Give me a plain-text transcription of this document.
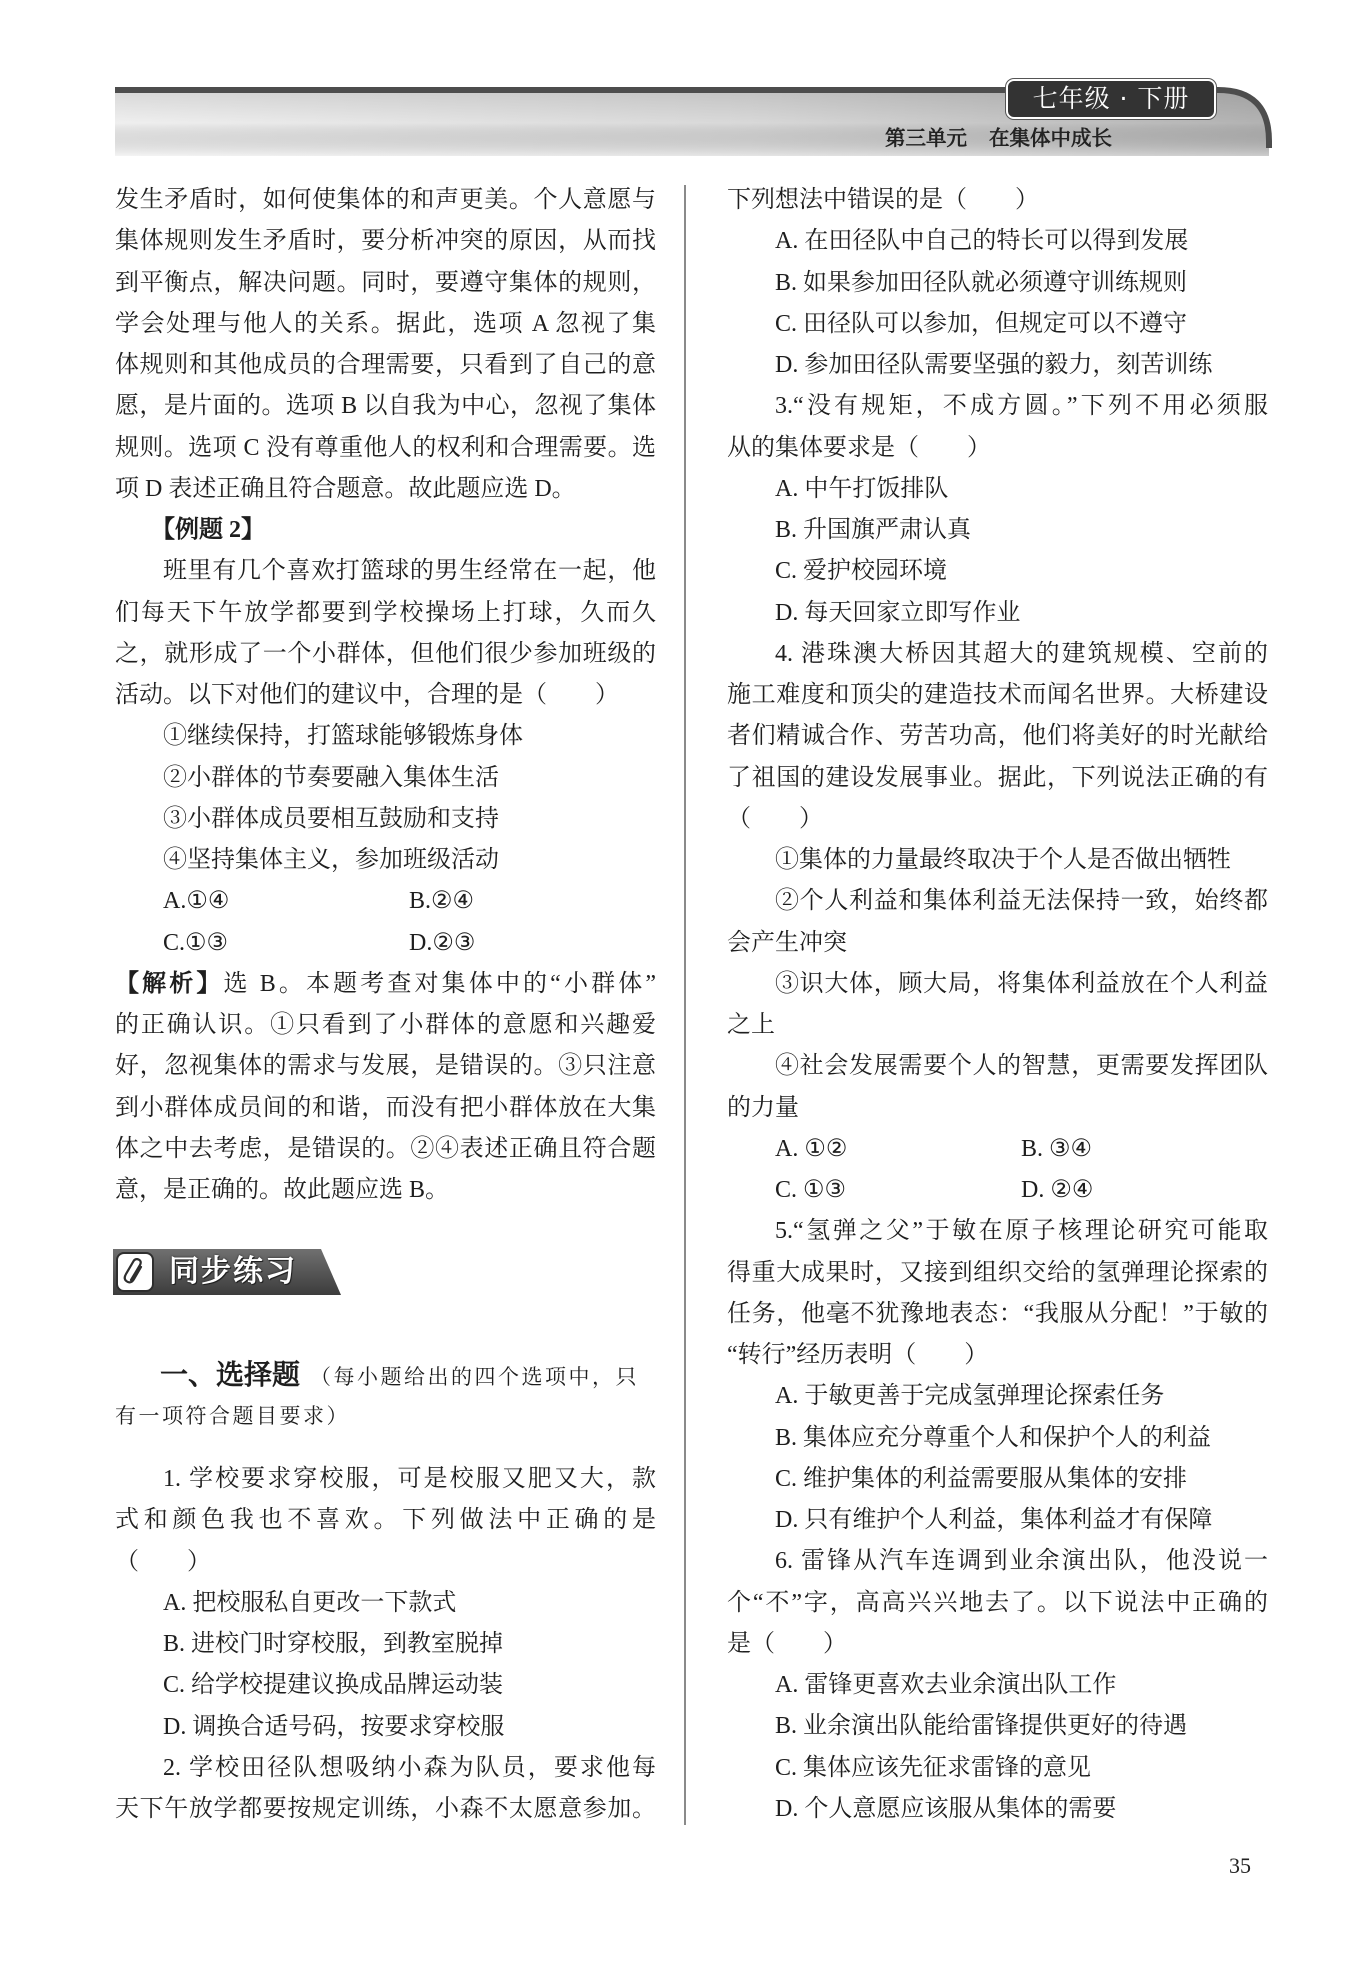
七年级 · 下册
第三单元 在集体中成长
发生矛盾时，如何使集体的和声更美。个人意愿与
集体规则发生矛盾时，要分析冲突的原因，从而找
到平衡点，解决问题。同时，要遵守集体的规则，
学会处理与他人的关系。据此，选项 A 忽视了集
体规则和其他成员的合理需要，只看到了自己的意
愿，是片面的。选项 B 以自我为中心，忽视了集体
规则。选项 C 没有尊重他人的权利和合理需要。选
项 D 表述正确且符合题意。故此题应选 D。
【例题 2】
班里有几个喜欢打篮球的男生经常在一起，他
们每天下午放学都要到学校操场上打球，久而久
之，就形成了一个小群体，但他们很少参加班级的
活动。以下对他们的建议中，合理的是（　　）
①继续保持，打篮球能够锻炼身体
②小群体的节奏要融入集体生活
③小群体成员要相互鼓励和支持
④坚持集体主义，参加班级活动
A.①④	B.②④
C.①③	D.②③
【解析】选 B。本题考查对集体中的“小群体”
的正确认识。①只看到了小群体的意愿和兴趣爱
好，忽视集体的需求与发展，是错误的。③只注意
到小群体成员间的和谐，而没有把小群体放在大集
体之中去考虑，是错误的。②④表述正确且符合题
意，是正确的。故此题应选 B。
同步练习
一、选择题 （每小题给出的四个选项中，只
有一项符合题目要求）
1. 学校要求穿校服，可是校服又肥又大，款
式和颜色我也不喜欢。下列做法中正确的是
（　　）
A. 把校服私自更改一下款式
B. 进校门时穿校服，到教室脱掉
C. 给学校提建议换成品牌运动装
D. 调换合适号码，按要求穿校服
2. 学校田径队想吸纳小森为队员，要求他每
天下午放学都要按规定训练，小森不太愿意参加。
下列想法中错误的是（　　）
A. 在田径队中自己的特长可以得到发展
B. 如果参加田径队就必须遵守训练规则
C. 田径队可以参加，但规定可以不遵守
D. 参加田径队需要坚强的毅力，刻苦训练
3.“没有规矩，不成方圆。”下列不用必须服
从的集体要求是（　　）
A. 中午打饭排队
B. 升国旗严肃认真
C. 爱护校园环境
D. 每天回家立即写作业
4. 港珠澳大桥因其超大的建筑规模、空前的
施工难度和顶尖的建造技术而闻名世界。大桥建设
者们精诚合作、劳苦功高，他们将美好的时光献给
了祖国的建设发展事业。据此，下列说法正确的有
（　　）
①集体的力量最终取决于个人是否做出牺牲
②个人利益和集体利益无法保持一致，始终都
会产生冲突
③识大体，顾大局，将集体利益放在个人利益
之上
④社会发展需要个人的智慧，更需要发挥团队
的力量
A. ①②	B. ③④
C. ①③	D. ②④
5.“氢弹之父”于敏在原子核理论研究可能取
得重大成果时，又接到组织交给的氢弹理论探索的
任务，他毫不犹豫地表态：“我服从分配！”于敏的
“转行”经历表明（　　）
A. 于敏更善于完成氢弹理论探索任务
B. 集体应充分尊重个人和保护个人的利益
C. 维护集体的利益需要服从集体的安排
D. 只有维护个人利益，集体利益才有保障
6. 雷锋从汽车连调到业余演出队，他没说一
个“不”字，高高兴兴地去了。以下说法中正确的
是（　　）
A. 雷锋更喜欢去业余演出队工作
B. 业余演出队能给雷锋提供更好的待遇
C. 集体应该先征求雷锋的意见
D. 个人意愿应该服从集体的需要
35
